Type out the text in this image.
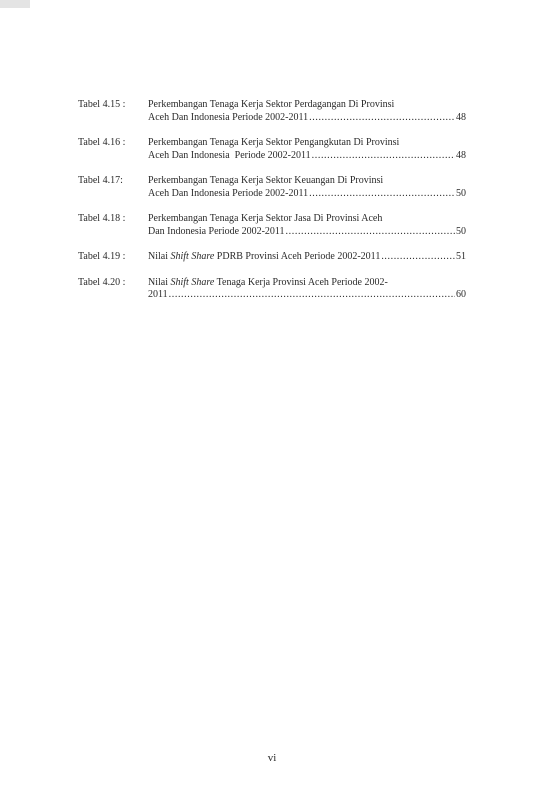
Tabel 4.15 :	Perkembangan Tenaga Kerja Sektor Perdagangan Di Provinsi
Aceh Dan Indonesia Periode 2002-2011 .....	48
Tabel 4.16 :	Perkembangan Tenaga Kerja Sektor Pengangkutan Di Provinsi
Aceh Dan Indonesia  Periode 2002-2011 .....	48
Tabel 4.17:	Perkembangan Tenaga Kerja Sektor Keuangan Di Provinsi
Aceh Dan Indonesia Periode 2002-2011 .....	50
Tabel 4.18 :	Perkembangan Tenaga Kerja Sektor Jasa Di Provinsi Aceh
Dan Indonesia Periode 2002-2011 .....	50
Tabel 4.19 :	Nilai Shift Share PDRB Provinsi Aceh Periode 2002-2011 .....	51
Tabel 4.20 :	Nilai Shift Share Tenaga Kerja Provinsi Aceh Periode 2002-
2011 .....	60
vi
